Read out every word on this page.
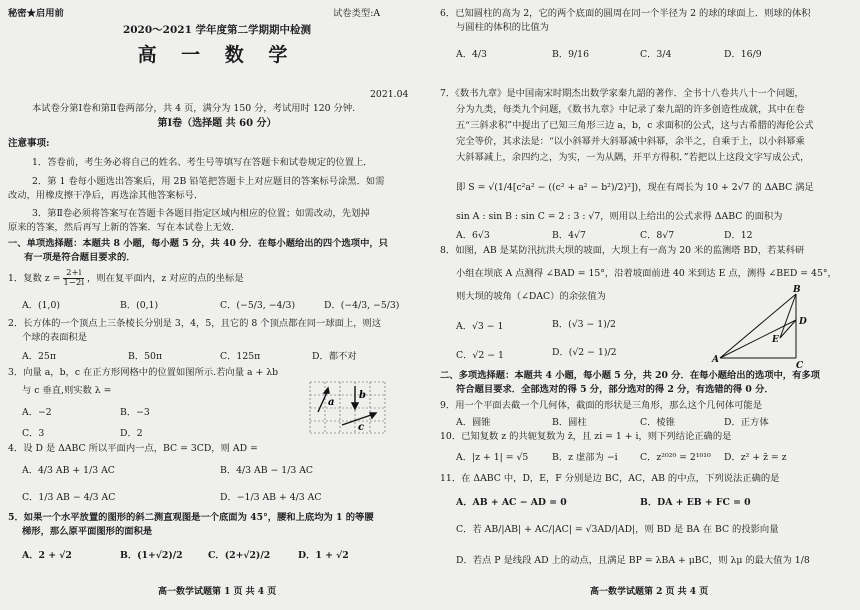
秘密★启用前	试卷类型:A
2020～2021 学年度第二学期期中检测
高 一 数 学
2021.04
本试卷分第Ⅰ卷和第Ⅱ卷两部分，共 4 页，满分为 150 分，考试用时 120 分钟.
第Ⅰ卷（选择题 共 60 分）
注意事项:
1．答卷前，考生务必将自己的姓名、考生号等填写在答题卡和试卷规定的位置上．
2．第 1 卷每小题选出答案后，用 2B 铅笔把答题卡上对应题目的答案标号涂黑．如需
改动，用橡皮擦干净后，再选涂其他答案标号．
3．第Ⅱ卷必须将答案写在答题卡各题目指定区域内相应的位置；如需改动，先划掉
原来的答案，然后再写上新的答案．写在本试卷上无效．
一、单项选择题：本题共 8 小题，每小题 5 分，共 40 分．在每小题给出的四个选项中，只
有一项是符合题目要求的．
1．复数 $z = \frac{2+i}{1-2i}$ ，则在复平面内，z 对应的点的坐标是
A．(1,0)	B．(0,1)	C．(−5/3, −4/3)	D．(−4/3, −5/3)
2．长方体的一个顶点上三条棱长分别是 3，4，5，且它的 8 个顶点都在同一球面上，则这
个球的表面积是
A．25π	B．50π	C．125π	D．都不对
3．向量 a，b，c 在正方形网格中的位置如图所示.若向量 a + λb
与 c 垂直,则实数 λ =
A．−2	B．−3
C．3	D．2
a
b
c
4．设 D 是 ΔABC 所以平面内一点，BC = 3CD，则 AD =
A．4/3 AB + 1/3 AC	B．4/3 AB − 1/3 AC
C．1/3 AB − 4/3 AC	D．−1/3 AB + 4/3 AC
5．如果一个水平放置的图形的斜二测直观图是一个底面为 45°，腰和上底均为 1 的等腰
梯形，那么原平面图形的面积是
A．2 + √2	B．(1+√2)/2	C．(2+√2)/2	D．1 + √2
高一数学试题第 1 页 共 4 页
6．已知圆柱的高为 2，它的两个底面的圆周在同一个半径为 2 的球的球面上．则球的体积
与圆柱的体积的比值为
A．4/3	B．9/16	C．3/4	D．16/9
7．《数书九章》是中国南宋时期杰出数学家秦九韶的著作．全书十八卷共八十一个问题，
分为九类，每类九个问题，《数书九章》中记录了秦九韶的许多创造性成就，其中在卷
五“三斜求积”中提出了已知三角形三边 a，b，c 求面积的公式，这与古希腊的海伦公式
完全等价，其求法是：“以小斜幂并大斜幂减中斜幂，余半之，自乘于上，以小斜幂乘
大斜幂减上，余四约之，为实，一为从隅，开平方得积．”若把以上这段文字写成公式，
即 S = √(1/4[c²a² − ((c² + a² − b²)/2)²])，现在有周长为 10 + 2√7 的 ΔABC 满足
sin A : sin B : sin C = 2 : 3 : √7，则用以上给出的公式求得 ΔABC 的面积为
A．6√3	B．4√7	C．8√7	D．12
8．如图，AB 是某防汛抗洪大坝的坡面，大坝上有一高为 20 米的监测塔 BD，若某科研
小组在坝底 A 点测得 ∠BAD = 15°，沿着坡面前进 40 米到达 E 点，测得 ∠BED = 45°，
则大坝的坡角（∠DAC）的余弦值为
A．√3 − 1	B．(√3 − 1)/2
C．√2 − 1	D．(√2 − 1)/2
A
B
C
D
E
二、多项选择题：本题共 4 小题，每小题 5 分，共 20 分．在每小题给出的选项中，有多项
符合题目要求．全部选对的得 5 分，部分选对的得 2 分，有选错的得 0 分．
9．用一个平面去截一个几何体，截面的形状是三角形，那么这个几何体可能是
A．圆锥	B．圆柱	C．棱锥	D．正方体
10．已知复数 z 的共轭复数为 z̄，且 zi = 1 + i，则下列结论正确的是
A．|z + 1| = √5	B．z 虚部为 −i C．z²⁰²⁰ = 2¹⁰¹⁰ D．z² + z̄ = z
11．在 ΔABC 中，D，E，F 分别是边 BC，AC，AB 的中点，下列说法正确的是
A．AB + AC − AD = 0	B．DA + EB + FC = 0
C．若 AB/|AB| + AC/|AC| = √3AD/|AD|，则 BD 是 BA 在 BC 的投影向量
D．若点 P 是线段 AD 上的动点，且满足 BP = λBA + μBC，则 λμ 的最大值为 1/8
高一数学试题第 2 页 共 4 页
